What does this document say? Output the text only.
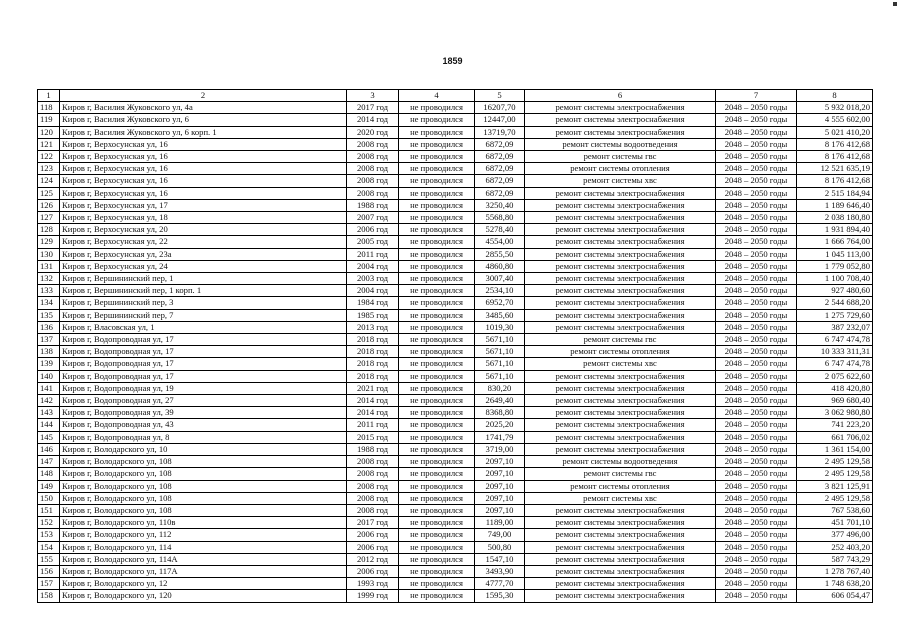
1859
1	2	3	4	5	6	7	8
118	Киров г, Василия Жуковского ул, 4а	2017 год	не проводился	16207,70	ремонт системы электроснабжения	2048 – 2050 годы	5 932 018,20
119	Киров г, Василия Жуковского ул, 6	2014 год	не проводился	12447,00	ремонт системы электроснабжения	2048 – 2050 годы	4 555 602,00
120	Киров г, Василия Жуковского ул, 6 корп. 1	2020 год	не проводился	13719,70	ремонт системы электроснабжения	2048 – 2050 годы	5 021 410,20
121	Киров г, Верхосунская ул, 16	2008 год	не проводился	6872,09	ремонт системы водоотведения	2048 – 2050 годы	8 176 412,68
122	Киров г, Верхосунская ул, 16	2008 год	не проводился	6872,09	ремонт системы гвс	2048 – 2050 годы	8 176 412,68
123	Киров г, Верхосунская ул, 16	2008 год	не проводился	6872,09	ремонт системы отопления	2048 – 2050 годы	12 521 635,19
124	Киров г, Верхосунская ул, 16	2008 год	не проводился	6872,09	ремонт системы хвс	2048 – 2050 годы	8 176 412,68
125	Киров г, Верхосунская ул, 16	2008 год	не проводился	6872,09	ремонт системы электроснабжения	2048 – 2050 годы	2 515 184,94
126	Киров г, Верхосунская ул, 17	1988 год	не проводился	3250,40	ремонт системы электроснабжения	2048 – 2050 годы	1 189 646,40
127	Киров г, Верхосунская ул, 18	2007 год	не проводился	5568,80	ремонт системы электроснабжения	2048 – 2050 годы	2 038 180,80
128	Киров г, Верхосунская ул, 20	2006 год	не проводился	5278,40	ремонт системы электроснабжения	2048 – 2050 годы	1 931 894,40
129	Киров г, Верхосунская ул, 22	2005 год	не проводился	4554,00	ремонт системы электроснабжения	2048 – 2050 годы	1 666 764,00
130	Киров г, Верхосунская ул, 23а	2011 год	не проводился	2855,50	ремонт системы электроснабжения	2048 – 2050 годы	1 045 113,00
131	Киров г, Верхосунская ул, 24	2004 год	не проводился	4860,80	ремонт системы электроснабжения	2048 – 2050 годы	1 779 052,80
132	Киров г, Вершининский пер, 1	2003 год	не проводился	3007,40	ремонт системы электроснабжения	2048 – 2050 годы	1 100 708,40
133	Киров г, Вершининский пер, 1 корп. 1	2004 год	не проводился	2534,10	ремонт системы электроснабжения	2048 – 2050 годы	927 480,60
134	Киров г, Вершининский пер, 3	1984 год	не проводился	6952,70	ремонт системы электроснабжения	2048 – 2050 годы	2 544 688,20
135	Киров г, Вершининский пер, 7	1985 год	не проводился	3485,60	ремонт системы электроснабжения	2048 – 2050 годы	1 275 729,60
136	Киров г, Власовская ул, 1	2013 год	не проводился	1019,30	ремонт системы электроснабжения	2048 – 2050 годы	387 232,07
137	Киров г, Водопроводная ул, 17	2018 год	не проводился	5671,10	ремонт системы гвс	2048 – 2050 годы	6 747 474,78
138	Киров г, Водопроводная ул, 17	2018 год	не проводился	5671,10	ремонт системы отопления	2048 – 2050 годы	10 333 311,31
139	Киров г, Водопроводная ул, 17	2018 год	не проводился	5671,10	ремонт системы хвс	2048 – 2050 годы	6 747 474,78
140	Киров г, Водопроводная ул, 17	2018 год	не проводился	5671,10	ремонт системы электроснабжения	2048 – 2050 годы	2 075 622,60
141	Киров г, Водопроводная ул, 19	2021 год	не проводился	830,20	ремонт системы электроснабжения	2048 – 2050 годы	418 420,80
142	Киров г, Водопроводная ул, 27	2014 год	не проводился	2649,40	ремонт системы электроснабжения	2048 – 2050 годы	969 680,40
143	Киров г, Водопроводная ул, 39	2014 год	не проводился	8368,80	ремонт системы электроснабжения	2048 – 2050 годы	3 062 980,80
144	Киров г, Водопроводная ул, 43	2011 год	не проводился	2025,20	ремонт системы электроснабжения	2048 – 2050 годы	741 223,20
145	Киров г, Водопроводная ул, 8	2015 год	не проводился	1741,79	ремонт системы электроснабжения	2048 – 2050 годы	661 706,02
146	Киров г, Володарского ул, 10	1988 год	не проводился	3719,00	ремонт системы электроснабжения	2048 – 2050 годы	1 361 154,00
147	Киров г, Володарского ул, 108	2008 год	не проводился	2097,10	ремонт системы водоотведения	2048 – 2050 годы	2 495 129,58
148	Киров г, Володарского ул, 108	2008 год	не проводился	2097,10	ремонт системы гвс	2048 – 2050 годы	2 495 129,58
149	Киров г, Володарского ул, 108	2008 год	не проводился	2097,10	ремонт системы отопления	2048 – 2050 годы	3 821 125,91
150	Киров г, Володарского ул, 108	2008 год	не проводился	2097,10	ремонт системы хвс	2048 – 2050 годы	2 495 129,58
151	Киров г, Володарского ул, 108	2008 год	не проводился	2097,10	ремонт системы электроснабжения	2048 – 2050 годы	767 538,60
152	Киров г, Володарского ул, 110в	2017 год	не проводился	1189,00	ремонт системы электроснабжения	2048 – 2050 годы	451 701,10
153	Киров г, Володарского ул, 112	2006 год	не проводился	749,00	ремонт системы электроснабжения	2048 – 2050 годы	377 496,00
154	Киров г, Володарского ул, 114	2006 год	не проводился	500,80	ремонт системы электроснабжения	2048 – 2050 годы	252 403,20
155	Киров г, Володарского ул, 114А	2012 год	не проводился	1547,10	ремонт системы электроснабжения	2048 – 2050 годы	587 743,29
156	Киров г, Володарского ул, 117А	2006 год	не проводился	3493,90	ремонт системы электроснабжения	2048 – 2050 годы	1 278 767,40
157	Киров г, Володарского ул, 12	1993 год	не проводился	4777,70	ремонт системы электроснабжения	2048 – 2050 годы	1 748 638,20
158	Киров г, Володарского ул, 120	1999 год	не проводился	1595,30	ремонт системы электроснабжения	2048 – 2050 годы	606 054,47
